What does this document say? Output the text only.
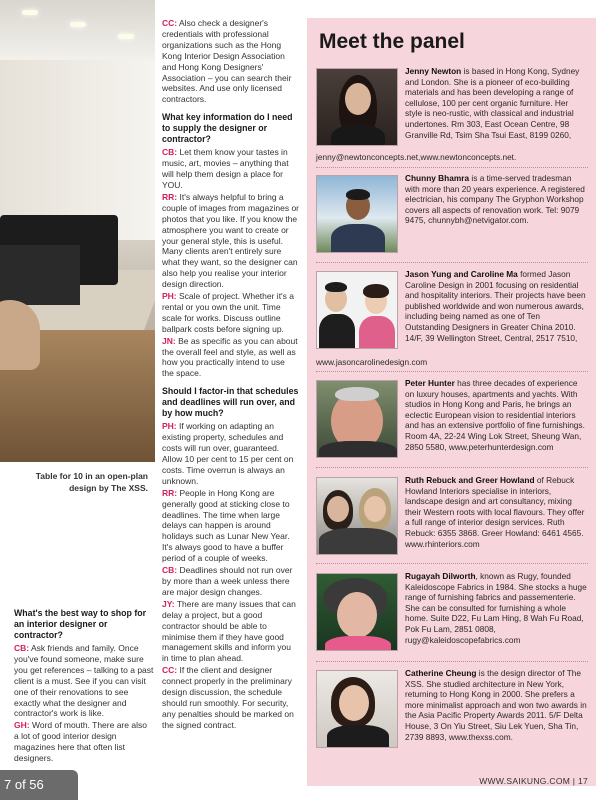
Table for 10 in an open-plan design by The XSS.
What's the best way to shop for an interior designer or contractor?

CB: Ask friends and family. Once you've found someone, make sure you get references – talking to a past client is a must. See if you can visit one of their renovations to see exactly what the designer and contractor's work is like.

GH: Word of mouth. There are also a lot of good interior design magazines here that often list designers.

CC: Also check a designer's credentials with professional organizations such as the Hong Kong Interior Design Association and Hong Kong Designers' Association – you can search their websites. And use only licensed contractors.

What key information do I need to supply the designer or contractor?

CB: Let them know your tastes in music, art, movies – anything that will help them design a place for YOU.

RR: It's always helpful to bring a couple of images from magazines or photos that you like. If you know the atmosphere you want to create or your general style, this is useful. Many clients aren't entirely sure what they want, so the designer can also help you realise your interior design direction.

PH: Scale of project. Whether it's a rental or you own the unit. Time scale for works. Discuss outline ballpark costs before signing up.

JN: Be as specific as you can about the overall feel and style, as well as how you practically intend to use the space.

Should I factor-in that schedules and deadlines will run over, and by how much?

PH: If working on adapting an existing property, schedules and costs will run over, guaranteed. Allow 10 per cent to 15 per cent on costs. Time overrun is always an unknown.

RR: People in Hong Kong are generally good at sticking close to deadlines. The time when large delays can happen is around holidays such as Lunar New Year. It's always good to have a buffer period of a couple of weeks.

CB: Deadlines should not run over by more than a week unless there are major design changes.

JY: There are many issues that can delay a project, but a good contractor should be able to minimise them if they have good management skills and inform you in time to plan ahead.

CC: If the client and designer connect properly in the preliminary design discussion, the schedule should run smoothly. For security, any penalties should be marked on the signed contract.

Meet the panel
Jenny Newton is based in Hong Kong, Sydney and London. She is a pioneer of eco-building materials and has been developing a range of cellulose, 100 per cent organic furniture. Her style is neo-rustic, with classical and industrial undertones. Rm 303, East Ocean Centre, 98 Granville Rd, Tsim Sha Tsui East, 8199 0260,
jenny@newtonconcepts.net,www.newtonconcepts.net.
Chunny Bhamra is a time-served tradesman with more than 20 years experience. A registered electrician, his company The Gryphon Workshop covers all aspects of renovation work. Tel: 9079 9475, chunnybh@netvigator.com.
Jason Yung and Caroline Ma formed Jason Caroline Design in 2001 focusing on residential and hospitality interiors. Their projects have been published worldwide and won numerous awards, including being named as one of Ten Outstanding Designers in Greater China 2010. 14/F, 39 Wellington Street, Central, 2517 7510,
www.jasoncarolinedesign.com
Peter Hunter has three decades of experience on luxury houses, apartments and yachts. With studios in Hong Kong and Paris, he brings an eclectic European vision to residential interiors and has an extensive portfolio of fine furnishings. Room 4A, 22-24 Wing Lok Street, Sheung Wan, 2850 5580, www.peterhunterdesign.com
Ruth Rebuck and Greer Howland of Rebuck Howland Interiors specialise in interiors, landscape design and art consultancy, mixing their Western roots with local flavours. They offer a full range of interior design services. Ruth Rebuck: 6355 3868. Greer Howland: 6461 4565. www.rhinteriors.com
Rugayah Dilworth, known as Rugy, founded Kaleidoscope Fabrics in 1984. She stocks a huge range of furnishing fabrics and passementerie. She can be consulted for furnishing a whole home. Suite D22, Fu Lam Hing, 8 Wah Fu Road, Pok Fu Lam, 2851 0808, rugy@kaleidoscopefabrics.com
Catherine Cheung is the design director of The XSS. She studied architecture in New York, returning to Hong Kong in 2000. She prefers a more minimalist approach and won two awards in the Asia Pacific Property Awards 2011. 5/F Delta House, 3 On Yiu Street, Siu Lek Yuen, Sha Tin, 2739 8893, www.thexss.com.
7 of 56	WWW.SAIKUNG.COM | 17
